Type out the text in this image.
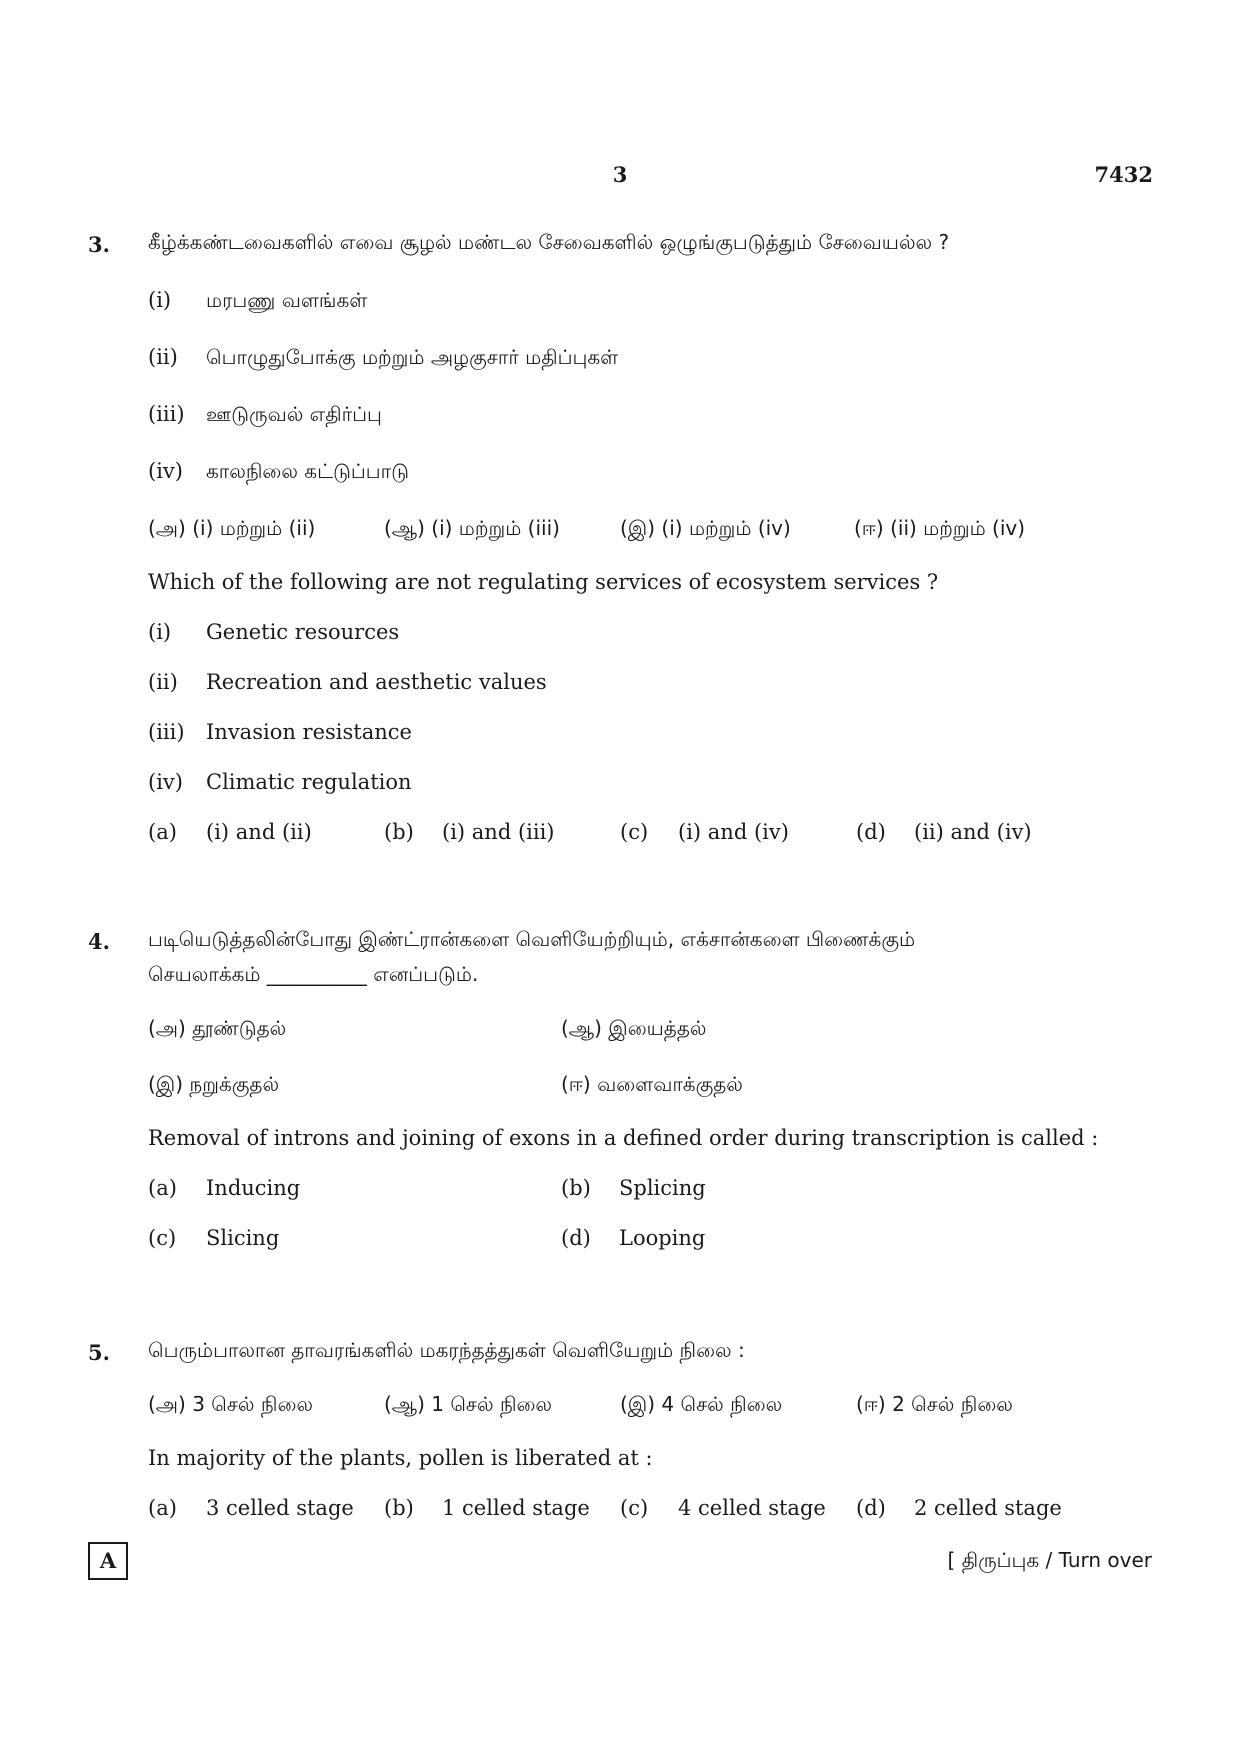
3	7432
3. கீழ்க்கண்டவைகளில் எவை சூழல் மண்டல சேவைகளில் ஒழுங்குபடுத்தும் சேவையல்ல ?
(i) மரபணு வளங்கள்
(ii) பொழுதுபோக்கு மற்றும் அழகுசார் மதிப்புகள்
(iii) ஊடுருவல் எதிர்ப்பு
(iv) காலநிலை கட்டுப்பாடு
(அ) (i) மற்றும் (ii)	(ஆ) (i) மற்றும் (iii)	(இ) (i) மற்றும் (iv)	(ஈ) (ii) மற்றும் (iv)
Which of the following are not regulating services of ecosystem services ?
(i) Genetic resources
(ii) Recreation and aesthetic values
(iii) Invasion resistance
(iv) Climatic regulation
(a) (i) and (ii)	(b) (i) and (iii)	(c) (i) and (iv)	(d) (ii) and (iv)
4. படியெடுத்தலின்போது இண்ட்ரான்களை வெளியேற்றியும், எக்சான்களை பிணைக்கும்
செயலாக்கம் __________ எனப்படும்.
(அ) தூண்டுதல்	(ஆ) இயைத்தல்
(இ) நறுக்குதல்	(ஈ) வளைவாக்குதல்
Removal of introns and joining of exons in a defined order during transcription is called :
(a) Inducing	(b) Splicing
(c) Slicing	(d) Looping
5. பெரும்பாலான தாவரங்களில் மகரந்தத்துகள் வெளியேறும் நிலை :
(அ) 3 செல் நிலை	(ஆ) 1 செல் நிலை	(இ) 4 செல் நிலை	(ஈ) 2 செல் நிலை
In majority of the plants, pollen is liberated at :
(a) 3 celled stage (b) 1 celled stage (c) 4 celled stage (d) 2 celled stage
A	[ திருப்புக / Turn over
